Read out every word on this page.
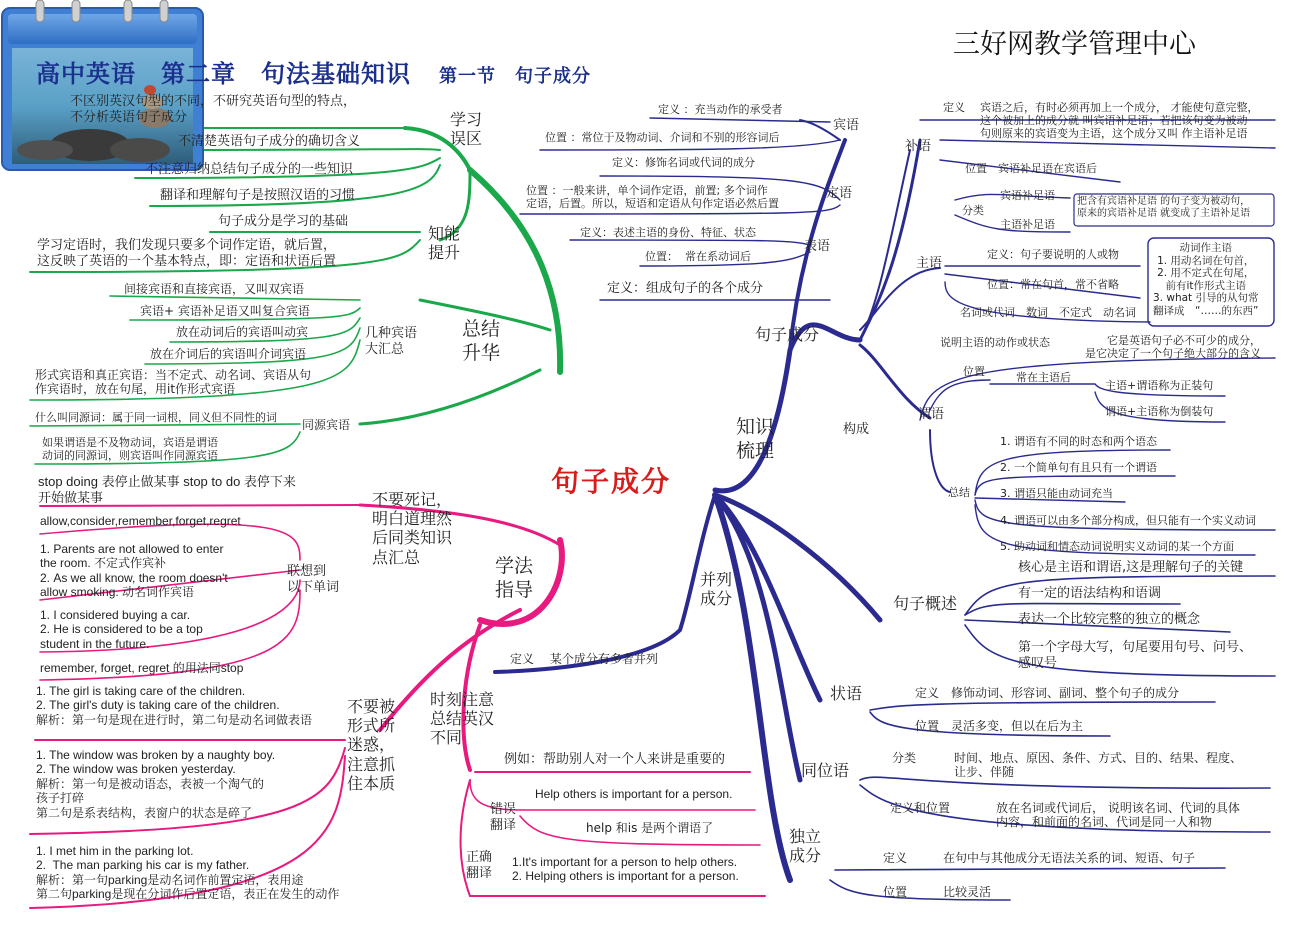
句子成分
高中英语　第二章　句法基础知识 第一节　句子成分
三好网教学管理中心
总结
升华
学习
误区
不区别英汉句型的不同，不研究英语句型的特点，
不分析英语句子成分
不清楚英语句子成分的确切含义
不注意归纳总结句子成分的一些知识
翻译和理解句子是按照汉语的习惯
知能
提升
句子成分是学习的基础
学习定语时，我们发现只要多个词作定语，就后置，
这反映了英语的一个基本特点，即：定语和状语后置
几种宾语
大汇总
间接宾语和直接宾语，又叫双宾语
宾语+ 宾语补足语又叫复合宾语
放在动词后的宾语叫动宾
放在介词后的宾语叫介词宾语
形式宾语和真正宾语：当不定式、动名词、宾语从句
作宾语时，放在句尾，用it作形式宾语
同源宾语
什么叫同源词：属于同一词根，同义但不同性的词
如果谓语是不及物动词，宾语是谓语
动词的同源词，则宾语叫作同源宾语
学法
指导
不要死记，
明白道理然
后同类知识
点汇总
stop doing 表停止做某事 stop to do 表停下来
开始做某事
联想到
以下单词
allow,consider,remember,forget,regret
1. Parents are not allowed to enter
the room. 不定式作宾补
2. As we all know, the room doesn't
allow smoking. 动名词作宾语
1. I considered buying a car.
2. He is considered to be a top
student in the future.
remember, forget, regret 的用法同stop
不要被
形式所
迷惑，
注意抓
住本质
1. The girl is taking care of the children.
2. The girl's duty is taking care of the children.
解析：第一句是现在进行时，第二句是动名词做表语
1. The window was broken by a naughty boy.
2. The window was broken yesterday.
解析：第一句是被动语态，表被一个淘气的
孩子打碎
第二句是系表结构，表窗户的状态是碎了
1. I met him in the parking lot.
2.  The man parking his car is my father.
解析：第一句parking是动名词作前置定语，表用途
第二句parking是现在分词作后置定语，表正在发生的动作
时刻注意
总结英汉
不同
例如：帮助别人对一个人来讲是重要的
错误
翻译
Help others is important for a person.
help 和is 是两个谓语了
正确
翻译
1.It's important for a person to help others.
2. Helping others is important for a person.
知识
梳理
句子成分
宾语
定义 ：充当动作的承受者
位置 ：常位于及物动词、介词和不别的形容词后
定语
定义：修饰名词或代词的成分
位置 ：一般来讲，单个词作定语，前置; 多个词作
定语，后置。所以，短语和定语从句作定语必然后置
表语
定义：表述主语的身份、特征、状态
位置：  常在系动词后
定义：组成句子的各个成分
补语
定义 宾语之后，有时必须再加上一个成分， 才能使句意完整，
这个被加上的成分就 叫宾语补足语；若把该句变为被动
句则原来的宾语变为主语，这个成分又叫 作主语补足语
位置　宾语补足语在宾语后
分类
宾语补足语
主语补足语
把含有宾语补足语 的句子变为被动句，
原来的宾语补足语 就变成了主语补足语
主语
定义：句子要说明的人或物
位置：常在句首，常不省略
名词或代词　数词　不定式　动名词
动词作主语
1. 用动名词在句首，
2. 用不定式在句尾，
前有it作形式主语
3. what 引导的从句常
翻译成　“……的东西”
构成
谓语
说明主语的动作或状态	它是英语句子必不可少的成分，
是它决定了一个句子绝大部分的含义
位置	常在主语后
主语+谓语称为正装句
谓语+主语称为倒装句
总结
1. 谓语有不同的时态和两个语态
2. 一个简单句有且只有一个谓语
3. 谓语只能由动词充当
4. 谓语可以由多个部分构成，但只能有一个实义动词
5. 助动词和情态动词说明实义动词的某一个方面
句子概述
核心是主语和谓语,这是理解句子的关键
有一定的语法结构和语调
表达一个比较完整的独立的概念
第一个字母大写，句尾要用句号、问号、
感叹号
并列
成分
定义　 某个成分有多者并列
状语	定义　修饰动词、形容词、副词、整个句子的成分
位置　灵活多变，但以在后为主
同位语
分类	时间、地点、原因、条件、方式、目的、结果、程度、
让步、伴随
定义和位置	放在名词或代词后， 说明该名词、代词的具体
内容，和前面的名词、代词是同一人和物
独立
成分	定义　　　在句中与其他成分无语法关系的词、短语、句子
位置　　　比较灵活
